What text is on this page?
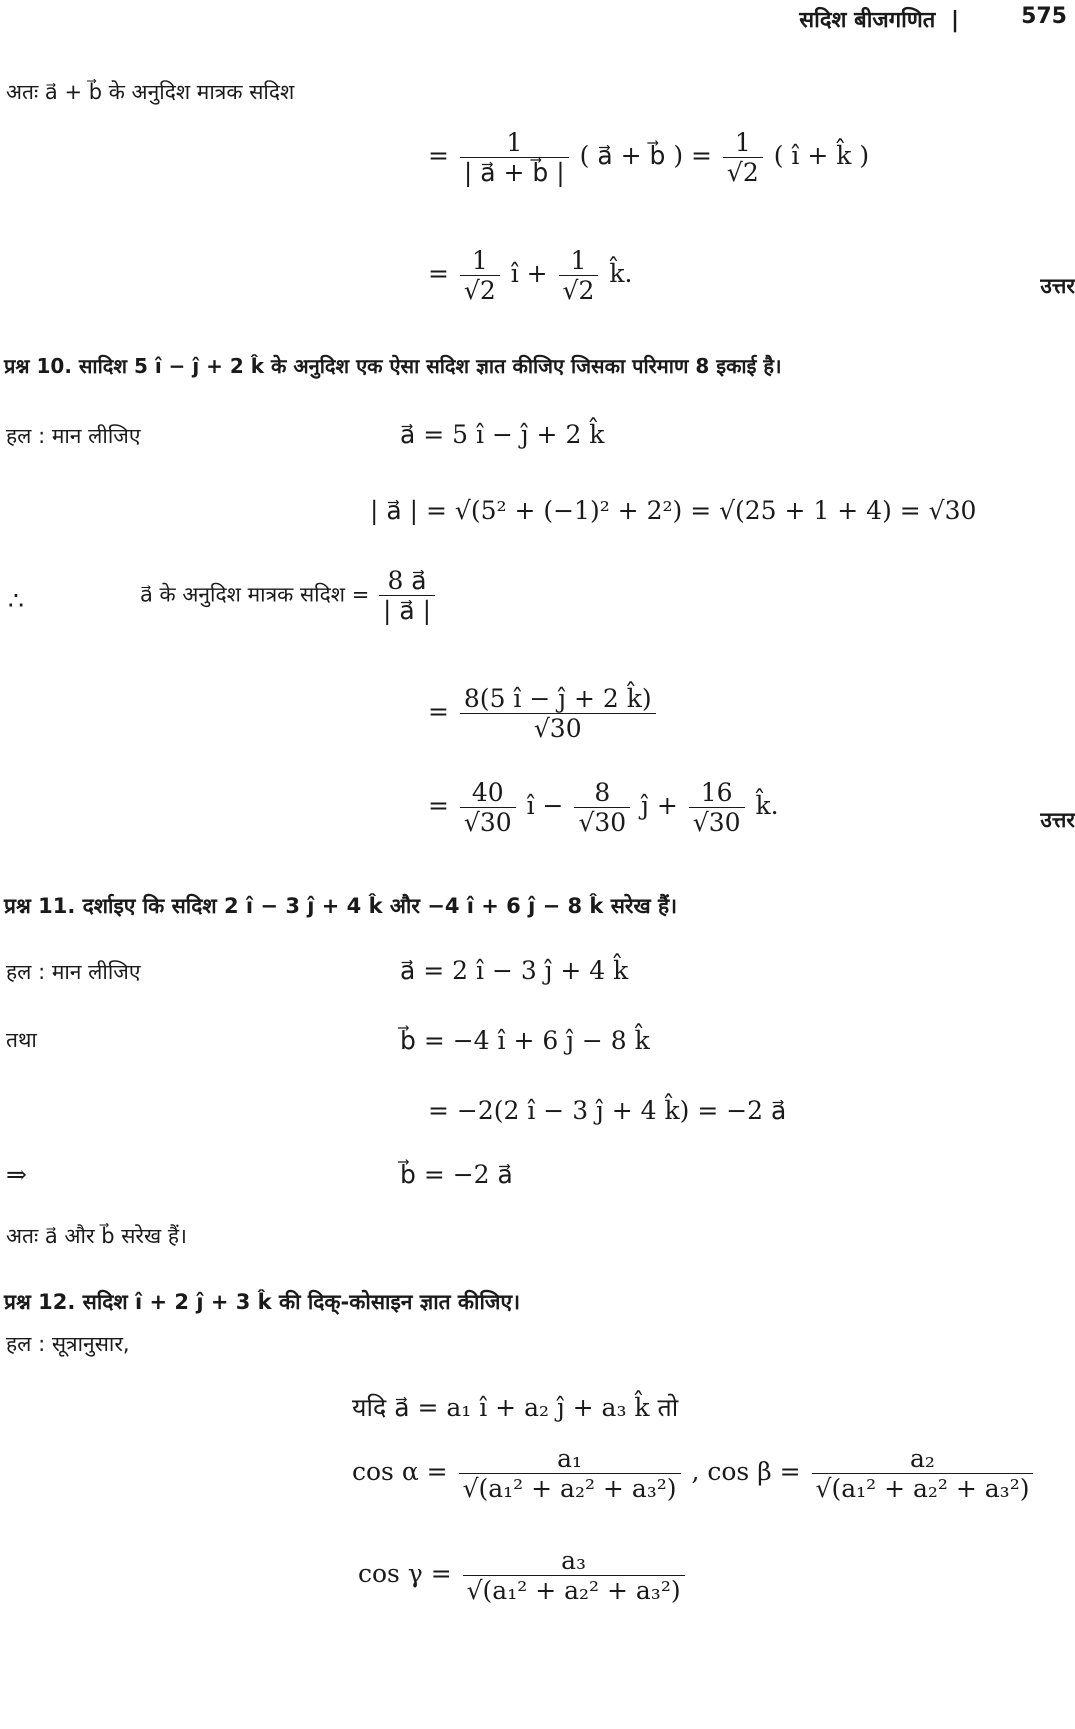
सदिश बीजगणित |	575
अतः a⃗ + b⃗ के अनुदिश मात्रक सदिश
= $\frac{1}{| a⃗ + b⃗ |}$ ( a⃗ + b⃗ ) = $\frac{1}{√2}$ ( î + k̂ )
= $\frac{1}{√2}$ î + $\frac{1}{√2}$ k̂.	उत्तर
प्रश्न 10. सादिश 5 î − ĵ + 2 k̂ के अनुदिश एक ऐसा सदिश ज्ञात कीजिए जिसका परिमाण 8 इकाई है।
हल : मान लीजिए	a⃗ = 5 î − ĵ + 2 k̂
| a⃗ | = √(5² + (−1)² + 2²) = √(25 + 1 + 4) = √30
∴	a⃗ के अनुदिश मात्रक सदिश = $\frac{8 a⃗}{| a⃗ |}$
= $\frac{8(5 î - ĵ + 2 k̂)}{√30}$
= $\frac{40}{√30}$ î − $\frac{8}{√30}$ ĵ + $\frac{16}{√30}$ k̂.	उत्तर
प्रश्न 11. दर्शाइए कि सदिश 2 î − 3 ĵ + 4 k̂ और −4 î + 6 ĵ − 8 k̂ सरेख हैं।
हल : मान लीजिए	a⃗ = 2 î − 3 ĵ + 4 k̂
तथा	b⃗ = −4 î + 6 ĵ − 8 k̂
= −2(2 î − 3 ĵ + 4 k̂) = −2 a⃗
⇒	b⃗ = −2 a⃗
अतः a⃗ और b⃗ सरेख हैं।
प्रश्न 12. सदिश î + 2 ĵ + 3 k̂ की दिक्-कोसाइन ज्ञात कीजिए।
हल : सूत्रानुसार,
यदि a⃗ = a₁ î + a₂ ĵ + a₃ k̂ तो
$\cos \alpha = \frac{\text{a₁}}{\text{√(a₁² + a₂² + a₃²)}}$ , $\cos \beta = \frac{\text{a₂}}{\text{√(a₁² + a₂² + a₃²)}}$
$\cos \gamma = \frac{\text{a₃}}{\text{√(a₁² + a₂² + a₃²)}}$
